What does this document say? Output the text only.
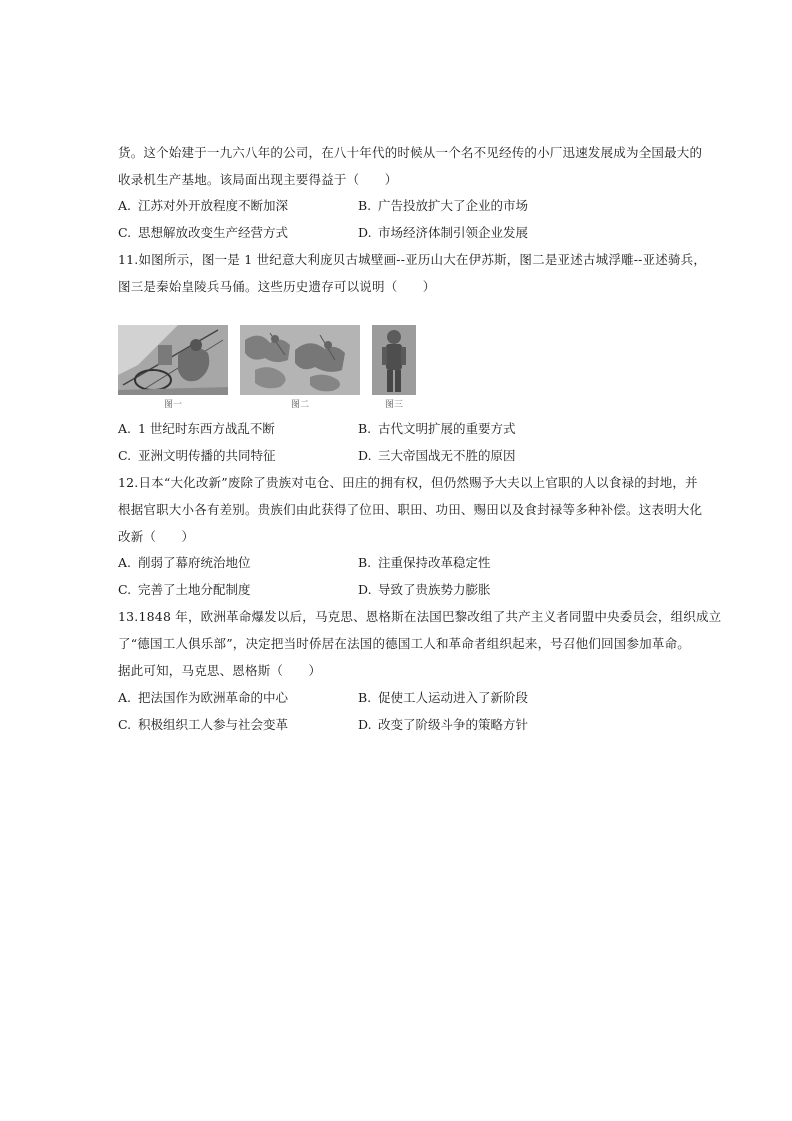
货。这个始建于一九六八年的公司，在八十年代的时候从一个名不见经传的小厂迅速发展成为全国最大的
收录机生产基地。该局面出现主要得益于（　　）
A. 江苏对外开放程度不断加深	B. 广告投放扩大了企业的市场
C. 思想解放改变生产经营方式	D. 市场经济体制引领企业发展
11.如图所示，图一是 1 世纪意大利庞贝古城壁画--亚历山大在伊苏斯，图二是亚述古城浮雕--亚述骑兵，
图三是秦始皇陵兵马俑。这些历史遗存可以说明（　　）
图一	图二	图三
A. 1 世纪时东西方战乱不断	B. 古代文明扩展的重要方式
C. 亚洲文明传播的共同特征	D. 三大帝国战无不胜的原因
12.日本“大化改新”废除了贵族对屯仓、田庄的拥有权，但仍然赐予大夫以上官职的人以食禄的封地，并
根据官职大小各有差别。贵族们由此获得了位田、职田、功田、赐田以及食封禄等多种补偿。这表明大化
改新（　　）
A. 削弱了幕府统治地位	B. 注重保持改革稳定性
C. 完善了土地分配制度	D. 导致了贵族势力膨胀
13.1848 年，欧洲革命爆发以后，马克思、恩格斯在法国巴黎改组了共产主义者同盟中央委员会，组织成立
了“德国工人俱乐部”，决定把当时侨居在法国的德国工人和革命者组织起来，号召他们回国参加革命。
据此可知，马克思、恩格斯（　　）
A. 把法国作为欧洲革命的中心	B. 促使工人运动进入了新阶段
C. 积极组织工人参与社会变革	D. 改变了阶级斗争的策略方针
